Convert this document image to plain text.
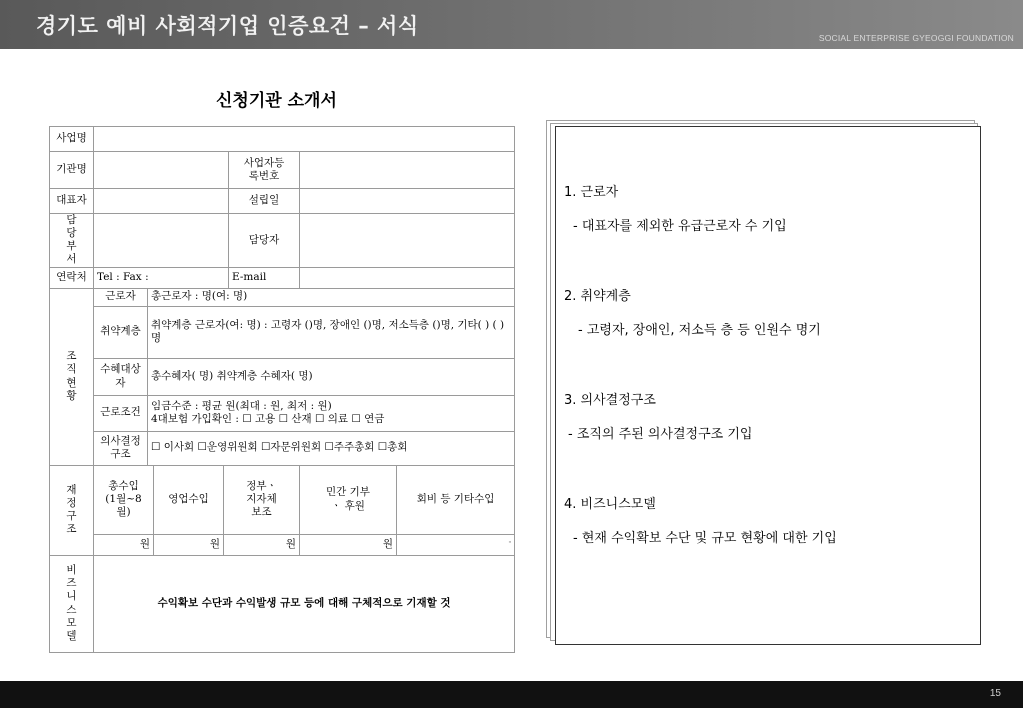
경기도 예비 사회적기업 인증요건 – 서식	SOCIAL ENTERPRISE GYEOGGI FOUNDATION
신청기관 소개서
사업명							
기관명					사업자등록번호		
대표자					설립일		
담당부서					담당자		
연락처	Tel : Fax :				E-mail		
조직현황	근로자	총근로자 : 명(여: 명)					
	취약계층	취약계층 근로자(여: 명) : 고령자 ()명, 장애인 ()명, 저소득층 ()명, 기타( ) ( )명					
	수혜대상자	총수혜자( 명) 취약계층 수혜자( 명)					
	근로조건	임금수준 : 평균 원(최대 : 원, 최저 : 원)
4대보험 가입확인 : ☐ 고용 ☐ 산재 ☐ 의료 ☐ 연금					

	의사결정구조	☐ 이사회 ☐운영위원회 ☐자문위원회 ☐주주총회 ☐총회					
재정구조	총수입 (1월~8월)		영업수입	정부ㆍ지자체 보조		민간 기부ㆍ 후원	회비 등 기타수입
	원		원	원		원	"
비즈니스모델	수익확보 수단과 수익발생 규모 등에 대해 구체적으로 기재할 것						
1. 근로자
- 대표자를 제외한 유급근로자 수 기입
2. 취약계층
- 고령자, 장애인, 저소득 층 등 인원수 명기
3. 의사결정구조
- 조직의 주된 의사결정구조 기입
4. 비즈니스모델
- 현재 수익확보 수단 및 규모 현황에 대한 기입
15
